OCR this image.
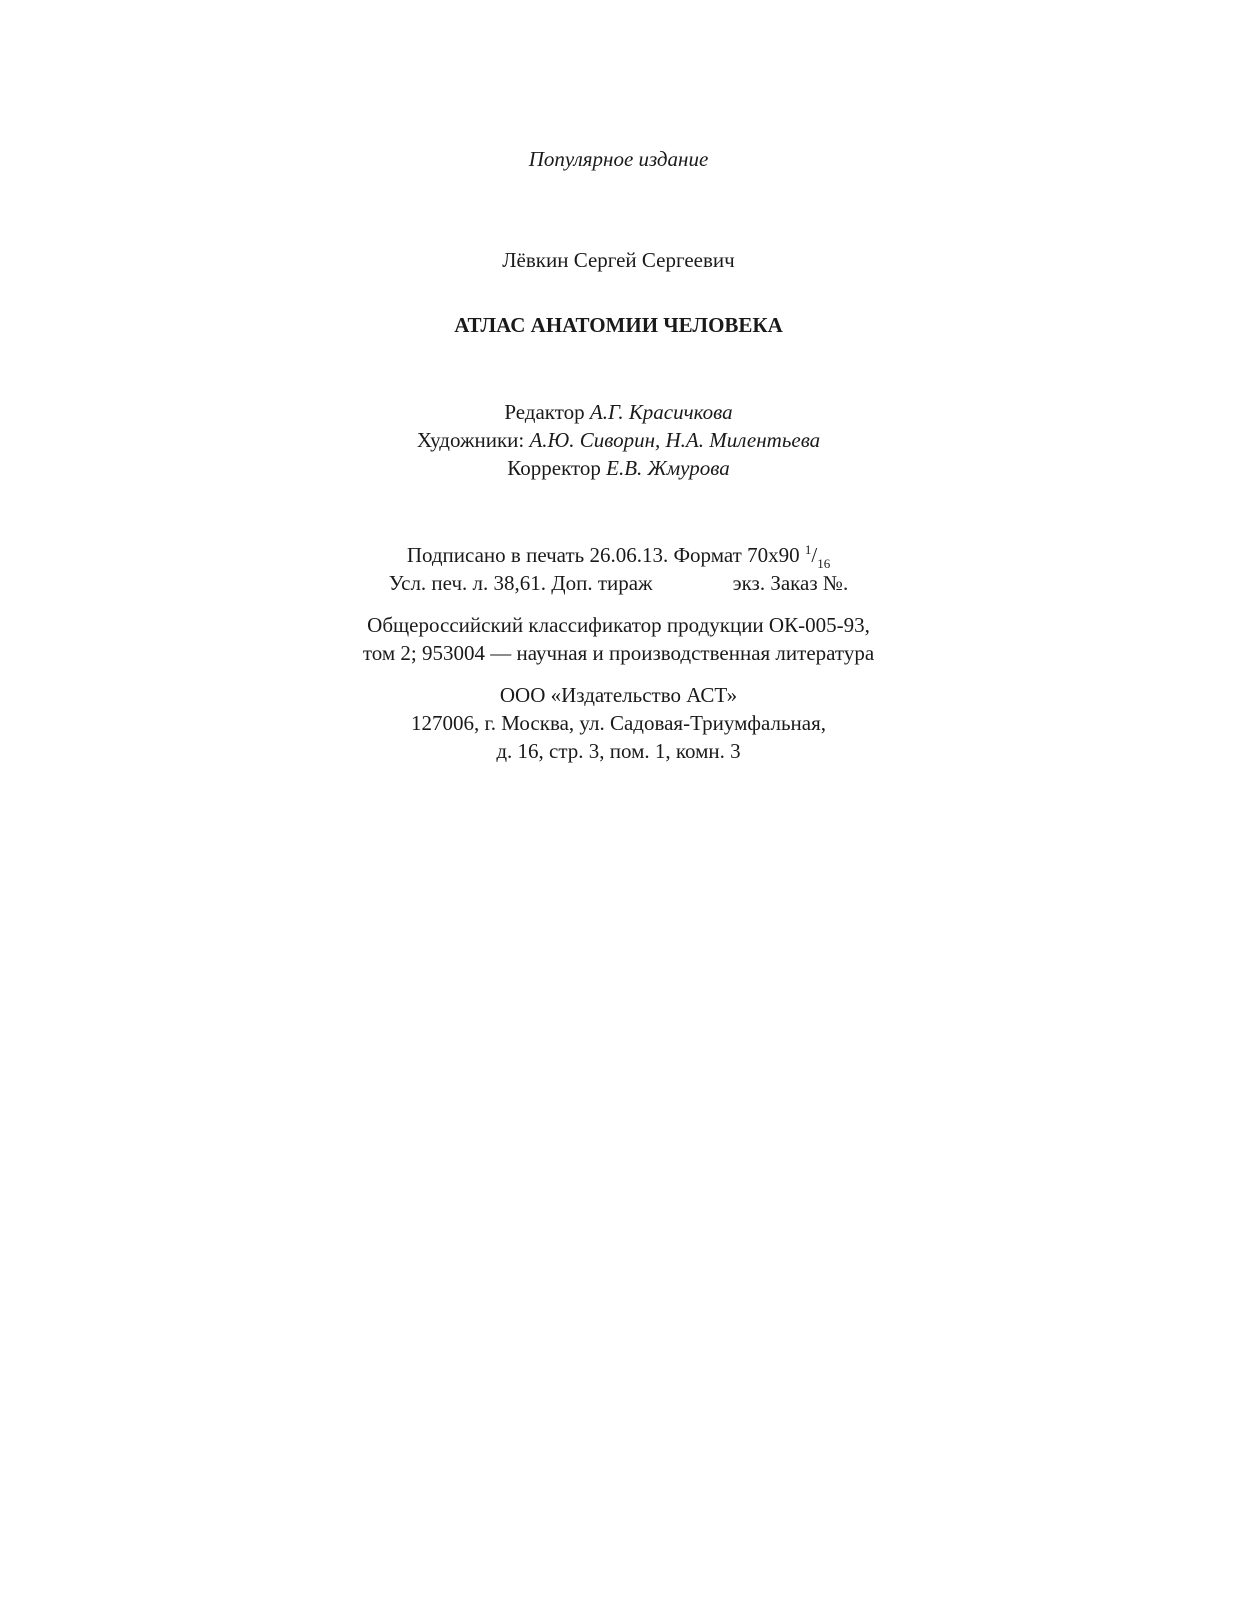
Популярное издание
Лёвкин Сергей Сергеевич
АТЛАС АНАТОМИИ ЧЕЛОВЕКА
Редактор А.Г. Красичкова
Художники: А.Ю. Сиворин, Н.А. Милентьева
Корректор Е.В. Жмурова
Подписано в печать 26.06.13. Формат 70x90 $^1/_{16}$
Усл. печ. л. 38,61. Доп. тираж	экз. Заказ №.
Общероссийский классификатор продукции ОК-005-93,
том 2; 953004 — научная и производственная литература
ООО «Издательство АСТ»
127006, г. Москва, ул. Садовая-Триумфальная,
д. 16, стр. 3, пом. 1, комн. 3
